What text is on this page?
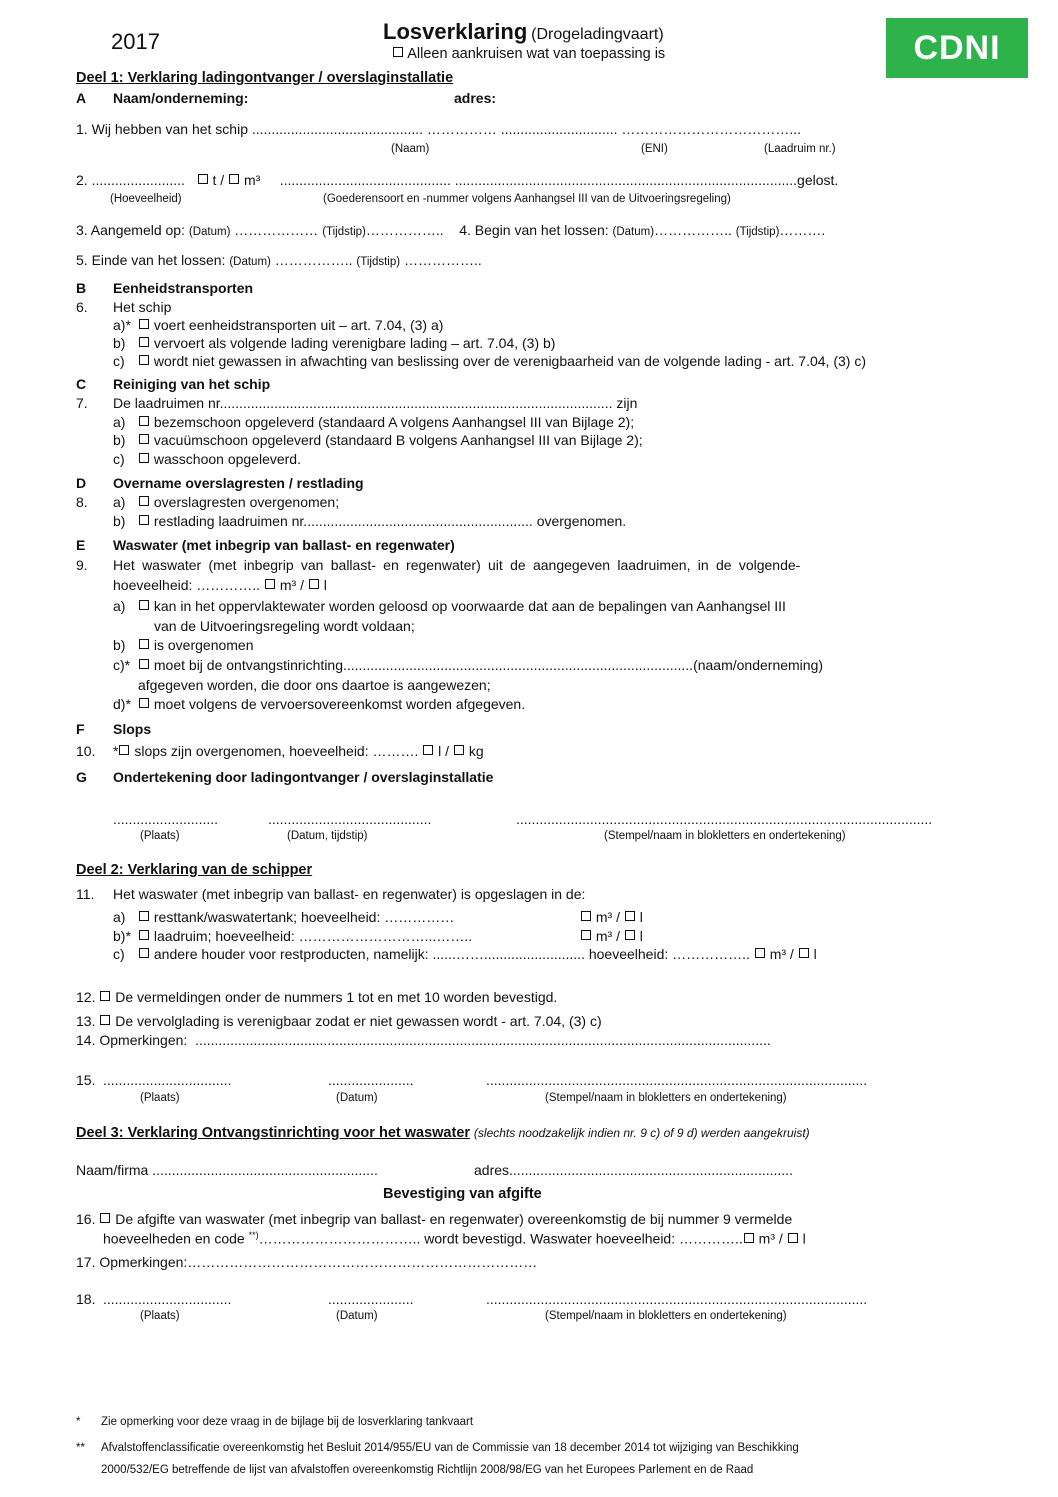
2017	Losverklaring (Drogeladingvaart)
Alleen aankruisen wat van toepassing is	CDNI
Deel 1: Verklaring ladingontvanger / overslaginstallatie
A Naam/onderneming:	adres:
1. Wij hebben van het schip ............................................ …………… .............................. ………………………………...
(Naam)	(ENI)	(Laadruim nr.)
2. ........................ t / m³ ............................................ ........................................................................................gelost.
(Hoeveelheid)	(Goederensoort en -nummer volgens Aanhangsel III van de Uitvoeringsregeling)
3. Aangemeld op: (Datum) ……………… (Tijdstip)…………….. 4. Begin van het lossen: (Datum)…………….. (Tijdstip)……….
5. Einde van het lossen: (Datum) …………….. (Tijdstip) ……………..
B Eenheidstransporten
6. Het schip
a)* voert eenheidstransporten uit – art. 7.04, (3) a)
b) vervoert als volgende lading verenigbare lading – art. 7.04, (3) b)
c) wordt niet gewassen in afwachting van beslissing over de verenigbaarheid van de volgende lading - art. 7.04, (3) c)
C Reiniging van het schip
7. De laadruimen nr..................................................................................................... zijn
a) bezemschoon opgeleverd (standaard A volgens Aanhangsel III van Bijlage 2);
b) vacuümschoon opgeleverd (standaard B volgens Aanhangsel III van Bijlage 2);
c) wasschoon opgeleverd.
D Overname overslagresten / restlading
8. a) overslagresten overgenomen;
b) restlading laadruimen nr........................................................... overgenomen.
E Waswater (met inbegrip van ballast- en regenwater)
9. Het waswater (met inbegrip van ballast- en regenwater) uit de aangegeven laadruimen, in de volgende-
hoeveelheid: ………….. m³ / l
a) kan in het oppervlaktewater worden geloosd op voorwaarde dat aan de bepalingen van Aanhangsel III
van de Uitvoeringsregeling wordt voldaan;
b) is overgenomen
c)* moet bij de ontvangstinrichting..........................................................................................(naam/onderneming)
afgegeven worden, die door ons daartoe is aangewezen;
d)* moet volgens de vervoersovereenkomst worden afgegeven.
F Slops
10. * slops zijn overgenomen, hoeveelheid: ………. l / kg
G Ondertekening door ladingontvanger / overslaginstallatie
...........................	..........................................	...........................................................................................................
(Plaats)	(Datum, tijdstip)	(Stempel/naam in blokletters en ondertekening)
Deel 2: Verklaring van de schipper
11. Het waswater (met inbegrip van ballast- en regenwater) is opgeslagen in de:
a) resttank/waswatertank; hoeveelheid: ……………	m³ / l
b)* laadruim; hoeveelheid: ………………………...……..	m³ / l
c) andere houder voor restproducten, namelijk: ......…….......................... hoeveelheid: …………….. m³ / l
12. De vermeldingen onder de nummers 1 tot en met 10 worden bevestigd.
13. De vervolglading is verenigbaar zodat er niet gewassen wordt - art. 7.04, (3) c)
14. Opmerkingen: ....................................................................................................................................................
15. .................................	......................	..................................................................................................
(Plaats)	(Datum)	(Stempel/naam in blokletters en ondertekening)
Deel 3: Verklaring Ontvangstinrichting voor het waswater (slechts noodzakelijk indien nr. 9 c) of 9 d) werden aangekruist)
Naam/firma ..........................................................	adres.........................................................................
Bevestiging van afgifte
16. De afgifte van waswater (met inbegrip van ballast- en regenwater) overeenkomstig de bij nummer 9 vermelde
hoeveelheden en code **)…………………………….. wordt bevestigd. Waswater hoeveelheid: ………….. m³ / l
17. Opmerkingen:…………………………………………………………………
18. .................................	......................	..................................................................................................
(Plaats)	(Datum)	(Stempel/naam in blokletters en ondertekening)
* Zie opmerking voor deze vraag in de bijlage bij de losverklaring tankvaart
** Afvalstoffenclassificatie overeenkomstig het Besluit 2014/955/EU van de Commissie van 18 december 2014 tot wijziging van Beschikking
2000/532/EG betreffende de lijst van afvalstoffen overeenkomstig Richtlijn 2008/98/EG van het Europees Parlement en de Raad
